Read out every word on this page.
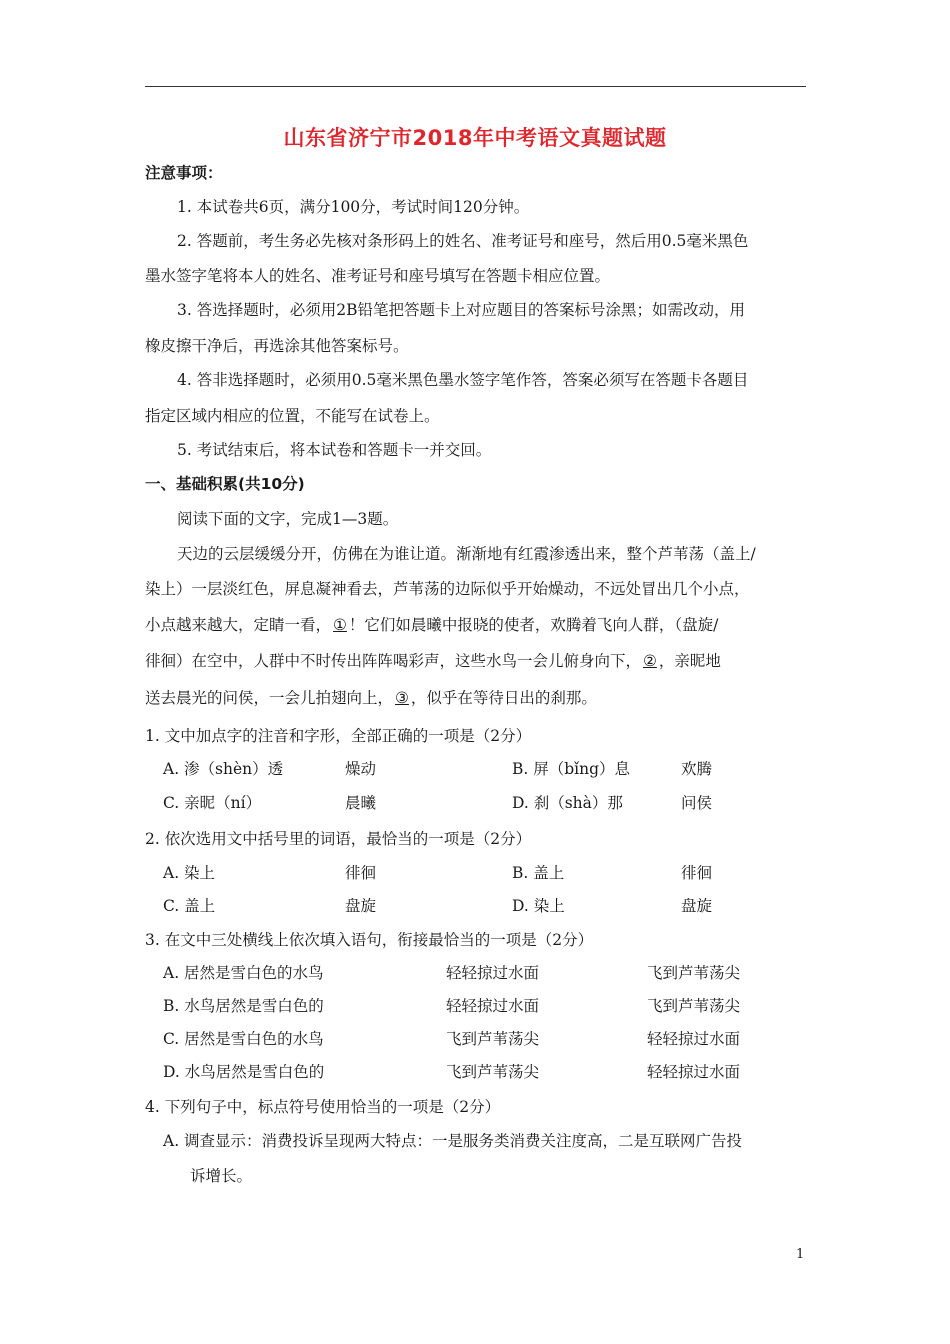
山东省济宁市2018年中考语文真题试题
注意事项：
1. 本试卷共6页，满分100分，考试时间120分钟。
2. 答题前，考生务必先核对条形码上的姓名、准考证号和座号，然后用0.5毫米黑色
墨水签字笔将本人的姓名、准考证号和座号填写在答题卡相应位置。
3. 答选择题时，必须用2B铅笔把答题卡上对应题目的答案标号涂黑；如需改动，用
橡皮擦干净后，再选涂其他答案标号。
4. 答非选择题时，必须用0.5毫米黑色墨水签字笔作答，答案必须写在答题卡各题目
指定区域内相应的位置，不能写在试卷上。
5. 考试结束后，将本试卷和答题卡一并交回。
一、基础积累(共10分)
阅读下面的文字，完成1—3题。
天边的云层缓缓分开，仿佛在为谁让道。渐渐地有红霞渗透出来，整个芦苇荡（盖上/
染上）一层淡红色，屏息凝神看去，芦苇荡的边际似乎开始燥动，不远处冒出几个小点，
小点越来越大，定睛一看， ① ！它们如晨曦中报晓的使者，欢腾着飞向人群，（盘旋/
徘徊）在空中，人群中不时传出阵阵喝彩声，这些水鸟一会儿俯身向下， ② ，亲昵地
送去晨光的问侯，一会儿拍翅向上， ③ ，似乎在等待日出的刹那。
1. 文中加点字的注音和字形，全部正确的一项是（2分）
A. 渗（shèn）透	燥动	B. 屏（bǐng）息	欢腾
C. 亲昵（ní）	晨曦	D. 刹（shà）那	问侯
2. 依次选用文中括号里的词语，最恰当的一项是（2分）
A. 染上	徘徊	B. 盖上	徘徊
C. 盖上	盘旋	D. 染上	盘旋
3. 在文中三处横线上依次填入语句，衔接最恰当的一项是（2分）
A. 居然是雪白色的水鸟	轻轻掠过水面	飞到芦苇荡尖
B. 水鸟居然是雪白色的	轻轻掠过水面	飞到芦苇荡尖
C. 居然是雪白色的水鸟	飞到芦苇荡尖	轻轻掠过水面
D. 水鸟居然是雪白色的	飞到芦苇荡尖	轻轻掠过水面
4. 下列句子中，标点符号使用恰当的一项是（2分）
A. 调查显示：消费投诉呈现两大特点：一是服务类消费关注度高，二是互联网广告投
诉增长。
1
